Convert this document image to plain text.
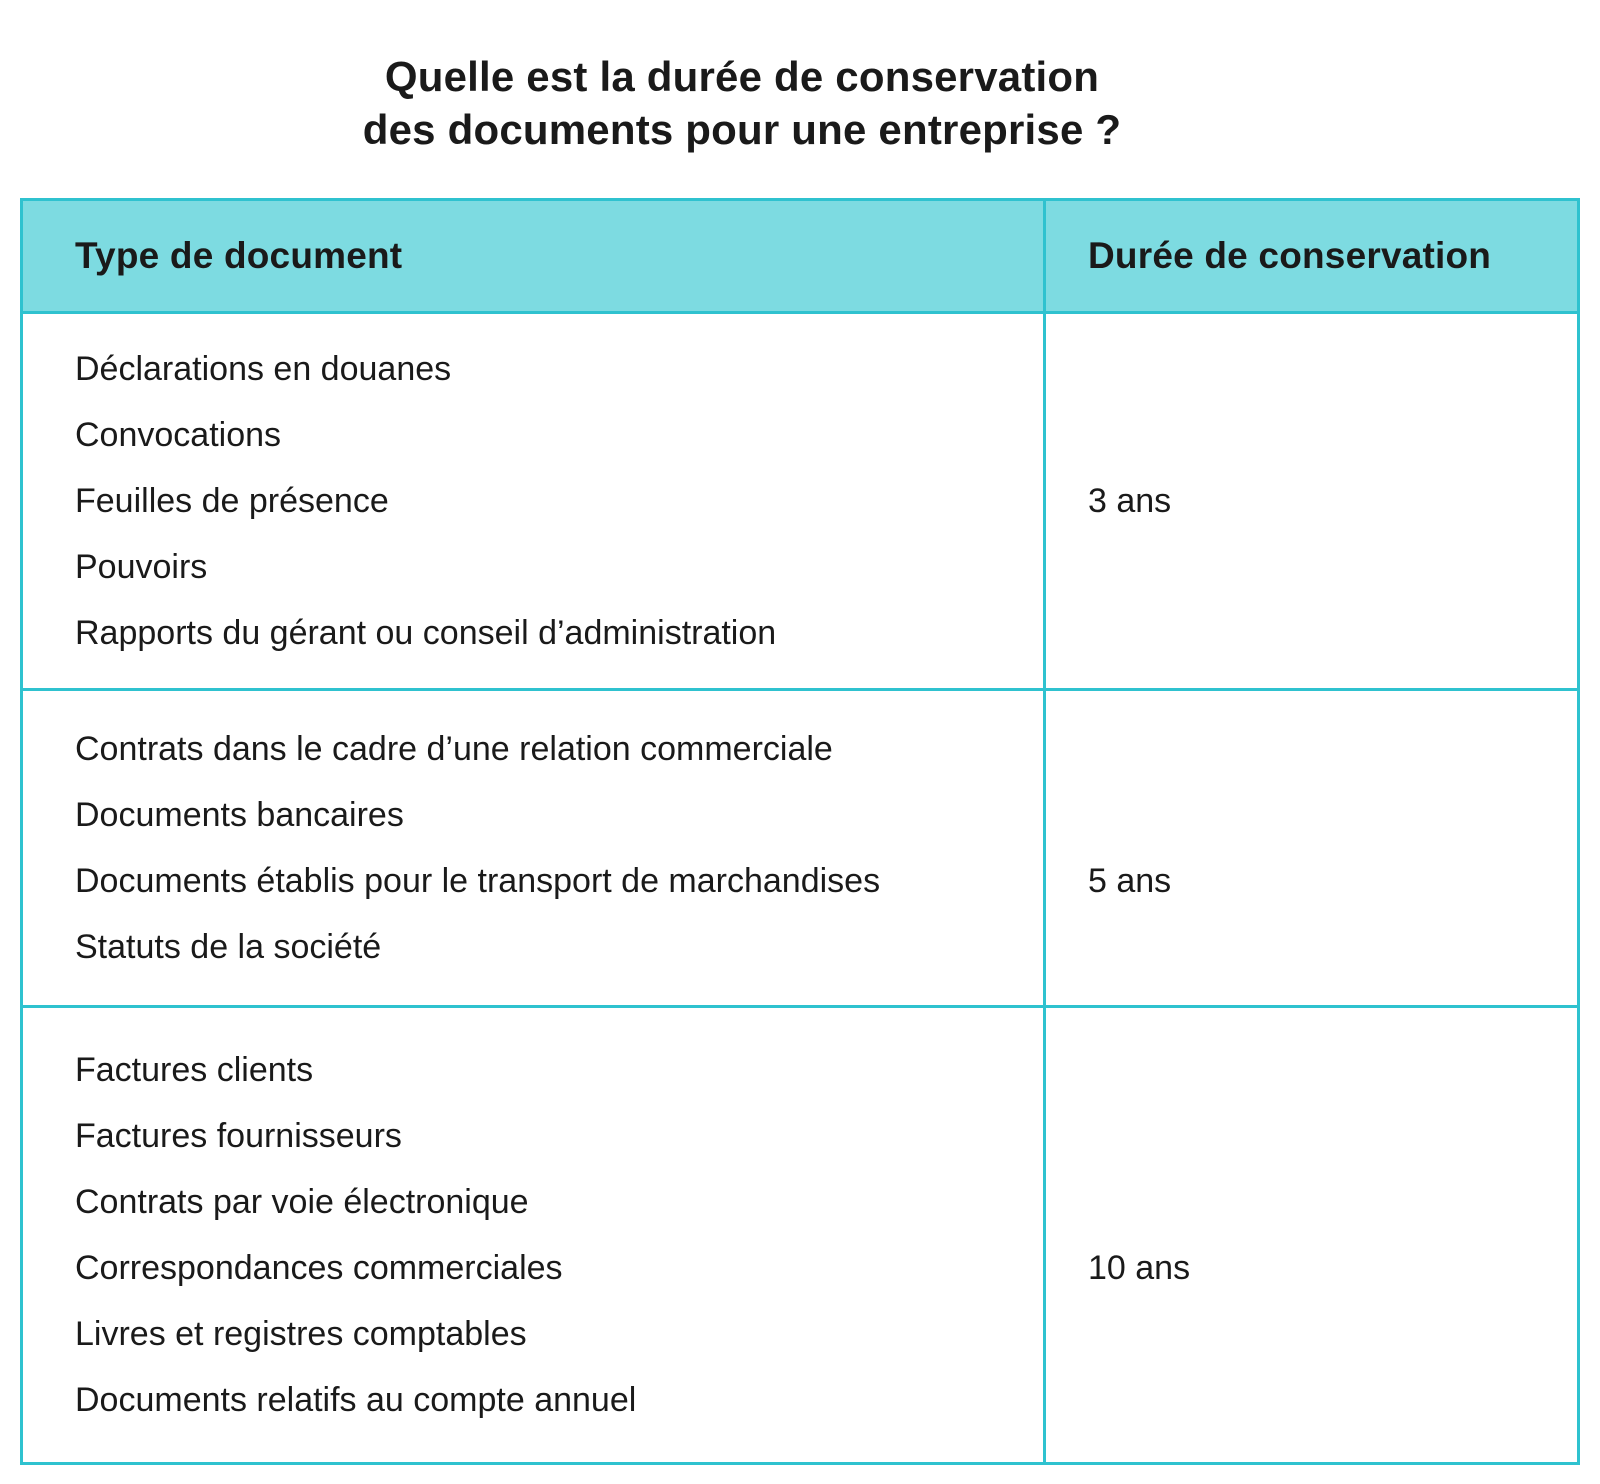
Quelle est la durée de conservation
des documents pour une entreprise ?
Type de document	Durée de conservation
Déclarations en douanes
Convocations
Feuilles de présence
Pouvoirs
Rapports du gérant ou conseil d’administration
3 ans
Contrats dans le cadre d’une relation commerciale
Documents bancaires
Documents établis pour le transport de marchandises
Statuts de la société
5 ans
Factures clients
Factures fournisseurs
Contrats par voie électronique
Correspondances commerciales
Livres et registres comptables
Documents relatifs au compte annuel
10 ans
